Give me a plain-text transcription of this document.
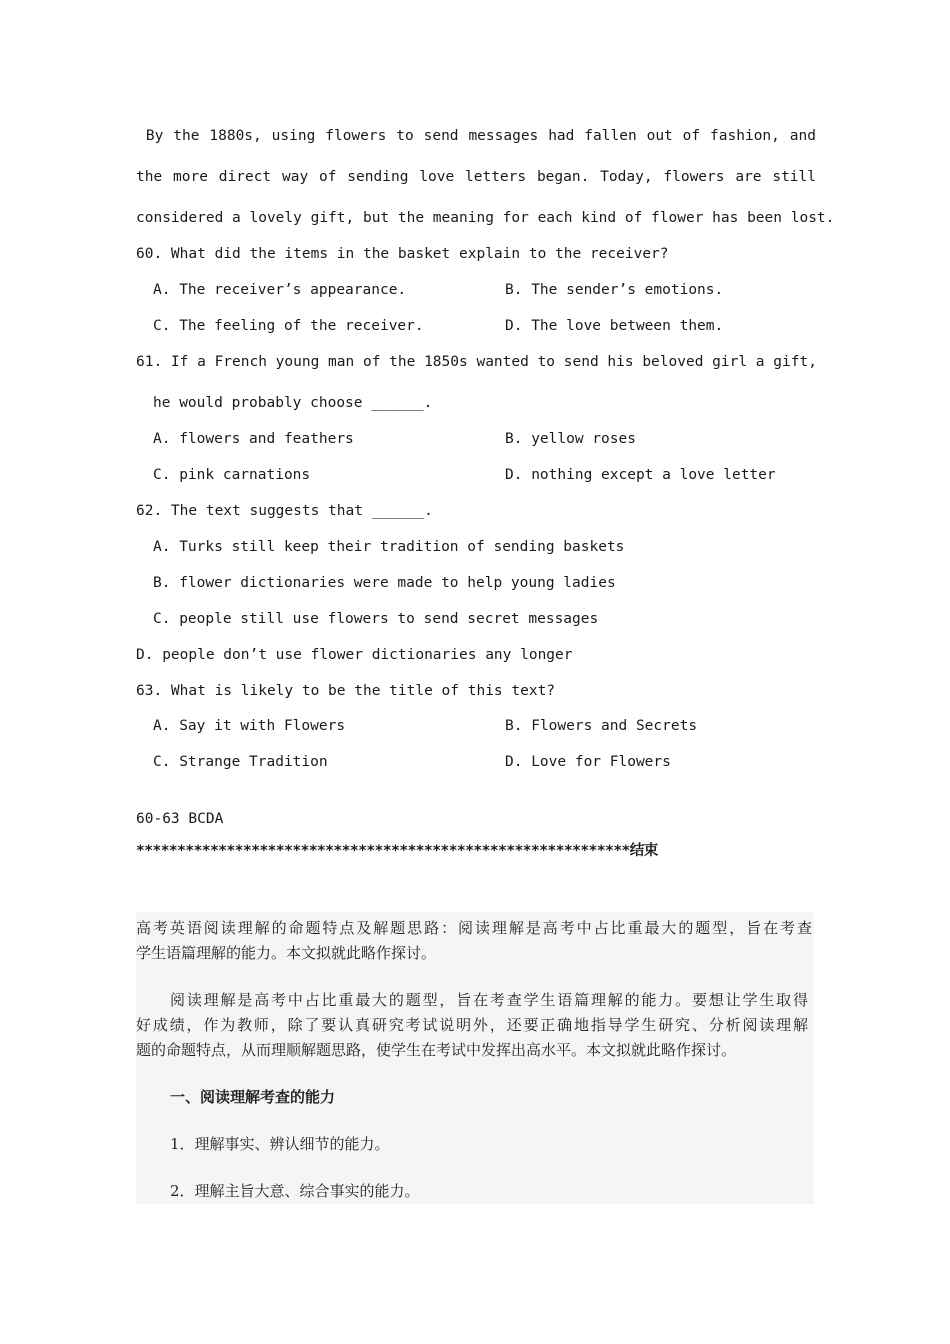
By the 1880s, using flowers to send messages had fallen out of fashion, and
the more direct way of sending love letters began. Today, flowers are still
considered a lovely gift, but the meaning for each kind of flower has been lost.
60. What did the items in the basket explain to the receiver?
A. The receiver’s appearance.	B. The sender’s emotions.
C. The feeling of the receiver.	D. The love between them.
61. If a French young man of the 1850s wanted to send his beloved girl a gift,
he would probably choose ______.
A. flowers and feathers	B. yellow roses
C. pink carnations	D. nothing except a love letter
62. The text suggests that ______.
A. Turks still keep their tradition of sending baskets
B. flower dictionaries were made to help young ladies
C. people still use flowers to send secret messages
D. people don’t use flower dictionaries any longer
63. What is likely to be the title of this text?
A. Say it with Flowers	B. Flowers and Secrets
C. Strange Tradition	D. Love for Flowers
60-63 BCDA
************************************************************结束
高考英语阅读理解的命题特点及解题思路：阅读理解是高考中占比重最大的题型，旨在考查
学生语篇理解的能力。本文拟就此略作探讨。
阅读理解是高考中占比重最大的题型，旨在考查学生语篇理解的能力。要想让学生取得
好成绩，作为教师，除了要认真研究考试说明外，还要正确地指导学生研究、分析阅读理解
题的命题特点，从而理顺解题思路，使学生在考试中发挥出高水平。本文拟就此略作探讨。
一、阅读理解考查的能力
1．理解事实、辨认细节的能力。
2．理解主旨大意、综合事实的能力。
